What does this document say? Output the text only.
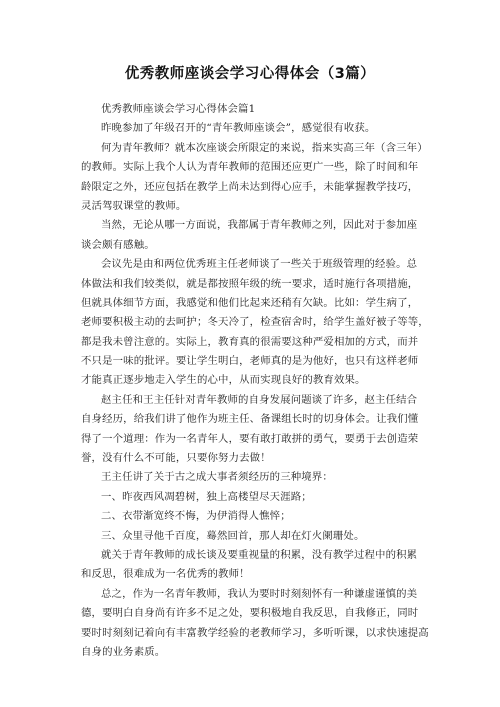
优秀教师座谈会学习心得体会（3篇）
优秀教师座谈会学习心得体会篇1
昨晚参加了年级召开的“青年教师座谈会”，感觉很有收获。
何为青年教师？就本次座谈会所限定的来说，指来实高三年（含三年）
的教师。实际上我个人认为青年教师的范围还应更广一些，除了时间和年
龄限定之外，还应包括在教学上尚未达到得心应手，未能掌握教学技巧，
灵活驾驭课堂的教师。
当然，无论从哪一方面说，我都属于青年教师之列，因此对于参加座
谈会颇有感触。
会议先是由和两位优秀班主任老师谈了一些关于班级管理的经验。总
体做法和我们较类似，就是都按照年级的统一要求，适时施行各项措施，
但就具体细节方面，我感觉和他们比起来还稍有欠缺。比如：学生病了，
老师要积极主动的去呵护；冬天冷了，检查宿舍时，给学生盖好被子等等，
都是我未曾注意的。实际上，教育真的很需要这种严爱相加的方式，而并
不只是一味的批评。要让学生明白，老师真的是为他好，也只有这样老师
才能真正逐步地走入学生的心中，从而实现良好的教育效果。
赵主任和王主任针对青年教师的自身发展问题谈了许多，赵主任结合
自身经历，给我们讲了他作为班主任、备课组长时的切身体会。让我们懂
得了一个道理：作为一名青年人，要有敢打敢拼的勇气，要勇于去创造荣
誉，没有什么不可能，只要你努力去做！
王主任讲了关于古之成大事者须经历的三种境界：
一、昨夜西风凋碧树，独上高楼望尽天涯路；
二、衣带渐宽终不悔，为伊消得人憔悴；
三、众里寻他千百度，蓦然回首，那人却在灯火阑珊处。
就关于青年教师的成长谈及要重视量的积累，没有教学过程中的积累
和反思，很难成为一名优秀的教师！
总之，作为一名青年教师，我认为要时时刻刻怀有一种谦虚谨慎的美
德，要明白自身尚有许多不足之处，要积极地自我反思，自我修正，同时
要时时刻刻记着向有丰富教学经验的老教师学习，多听听课，以求快速提高
自身的业务素质。
